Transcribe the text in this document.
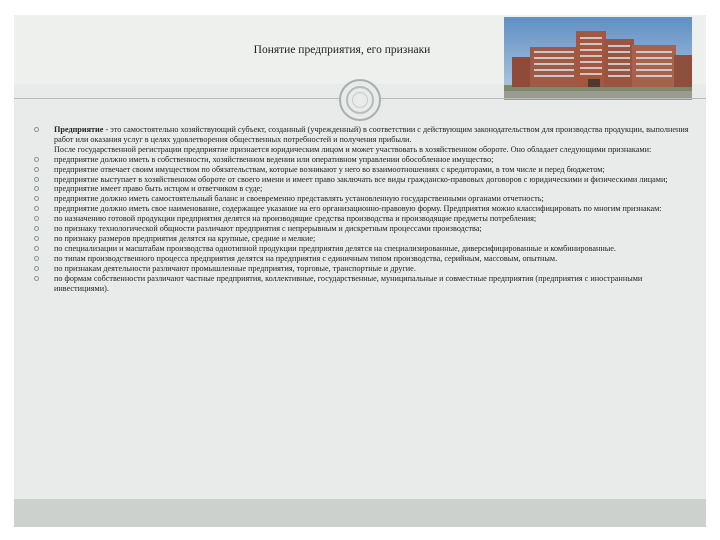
Понятие предприятия, его признаки
Предприятие - это самостоятельно хозяйствующий субъект, созданный (учрежденный) в соответствии с действующим законодательством для производства продукции, выполнения работ или оказания услуг в целях удовлетворения общественных потребностей и получения прибыли.
После государственной регистрации предприятие признается юридическим лицом и может участвовать в хозяйственном обороте. Оно обладает следующими признаками:
предприятие должно иметь в собственности, хозяйственном ведении или оперативном управлении обособленное имущество;
предприятие отвечает своим имуществом по обязательствам, которые возникают у него во взаимоотношениях с кредиторами, в том числе и перед бюджетом;
предприятие выступает в хозяйственном обороте от своего имени и имеет право заключать все виды гражданско-правовых договоров с юридическими и физическими лицами;
предприятие имеет право быть истцом и ответчиком в суде;
предприятие должно иметь самостоятельный баланс и своевременно представлять установленную государственными органами отчетность;
предприятие должно иметь свое наименование, содержащее указание на его организационно-правовую форму. Предприятия можно классифицировать по многим признакам:
по назначению готовой продукции предприятия делятся на производящие средства производства и производящие предметы потребления;
по признаку технологической общности различают предприятия с непрерывным и дискретным процессами производства;
по признаку размеров предприятия делятся на крупные, средние и мелкие;
по специализации и масштабам производства однотипной продукции предприятия делятся на специализированные, диверсифицированные и комбинированные.
по типам производственного процесса предприятия делятся на предприятия с единичным типом производства, серийным, массовым, опытным.
по признакам деятельности различают промышленные предприятия, торговые, транспортные и другие.
по формам собственности различают частные предприятия, коллективные, государственные, муниципальные и совместные предприятия (предприятия с иностранными инвестициями).
